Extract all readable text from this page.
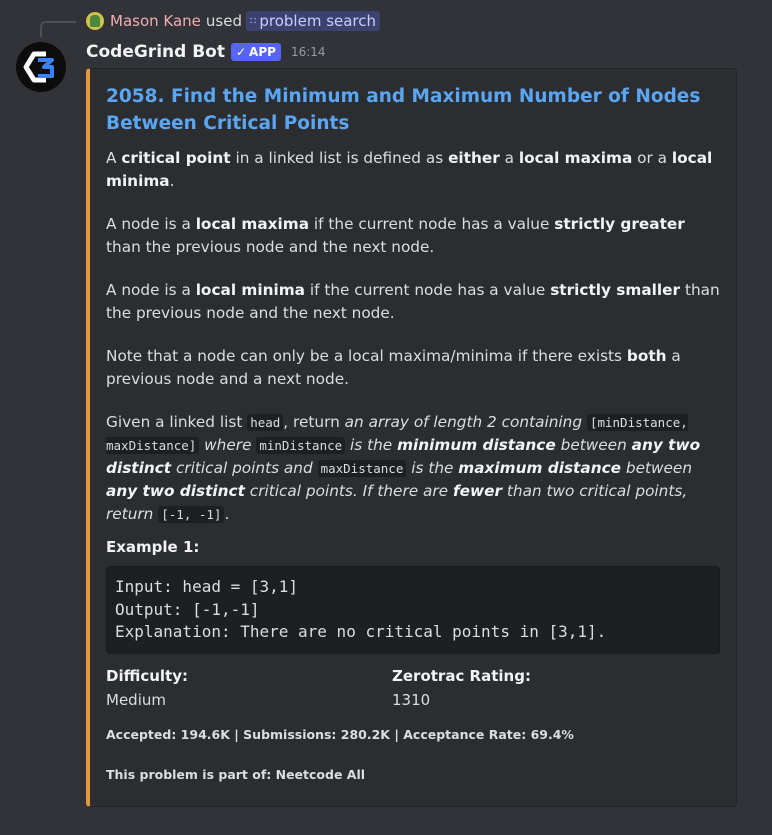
Mason Kane used ∷ problem search
CodeGrind Bot ✓ APP 16:14
2058. Find the Minimum and Maximum Number of Nodes Between Critical Points

A critical point in a linked list is defined as either a local maxima or a local minima.

A node is a local maxima if the current node has a value strictly greater than the previous node and the next node.

A node is a local minima if the current node has a value strictly smaller than the previous node and the next node.

Note that a node can only be a local maxima/minima if there exists both a previous node and a next node.

Given a linked list head , return an array of length 2 containing [minDistance, maxDistance] where minDistance is the minimum distance between any two distinct critical points and maxDistance is the maximum distance between any two distinct critical points. If there are fewer than two critical points, return [-1, -1] .

Example 1:
Input: head = [3,1]
Output: [-1,-1]
Explanation: There are no critical points in [3,1].
Difficulty:
Medium
Zerotrac Rating:
1310
Accepted: 194.6K | Submissions: 280.2K | Acceptance Rate: 69.4%
This problem is part of: Neetcode All
